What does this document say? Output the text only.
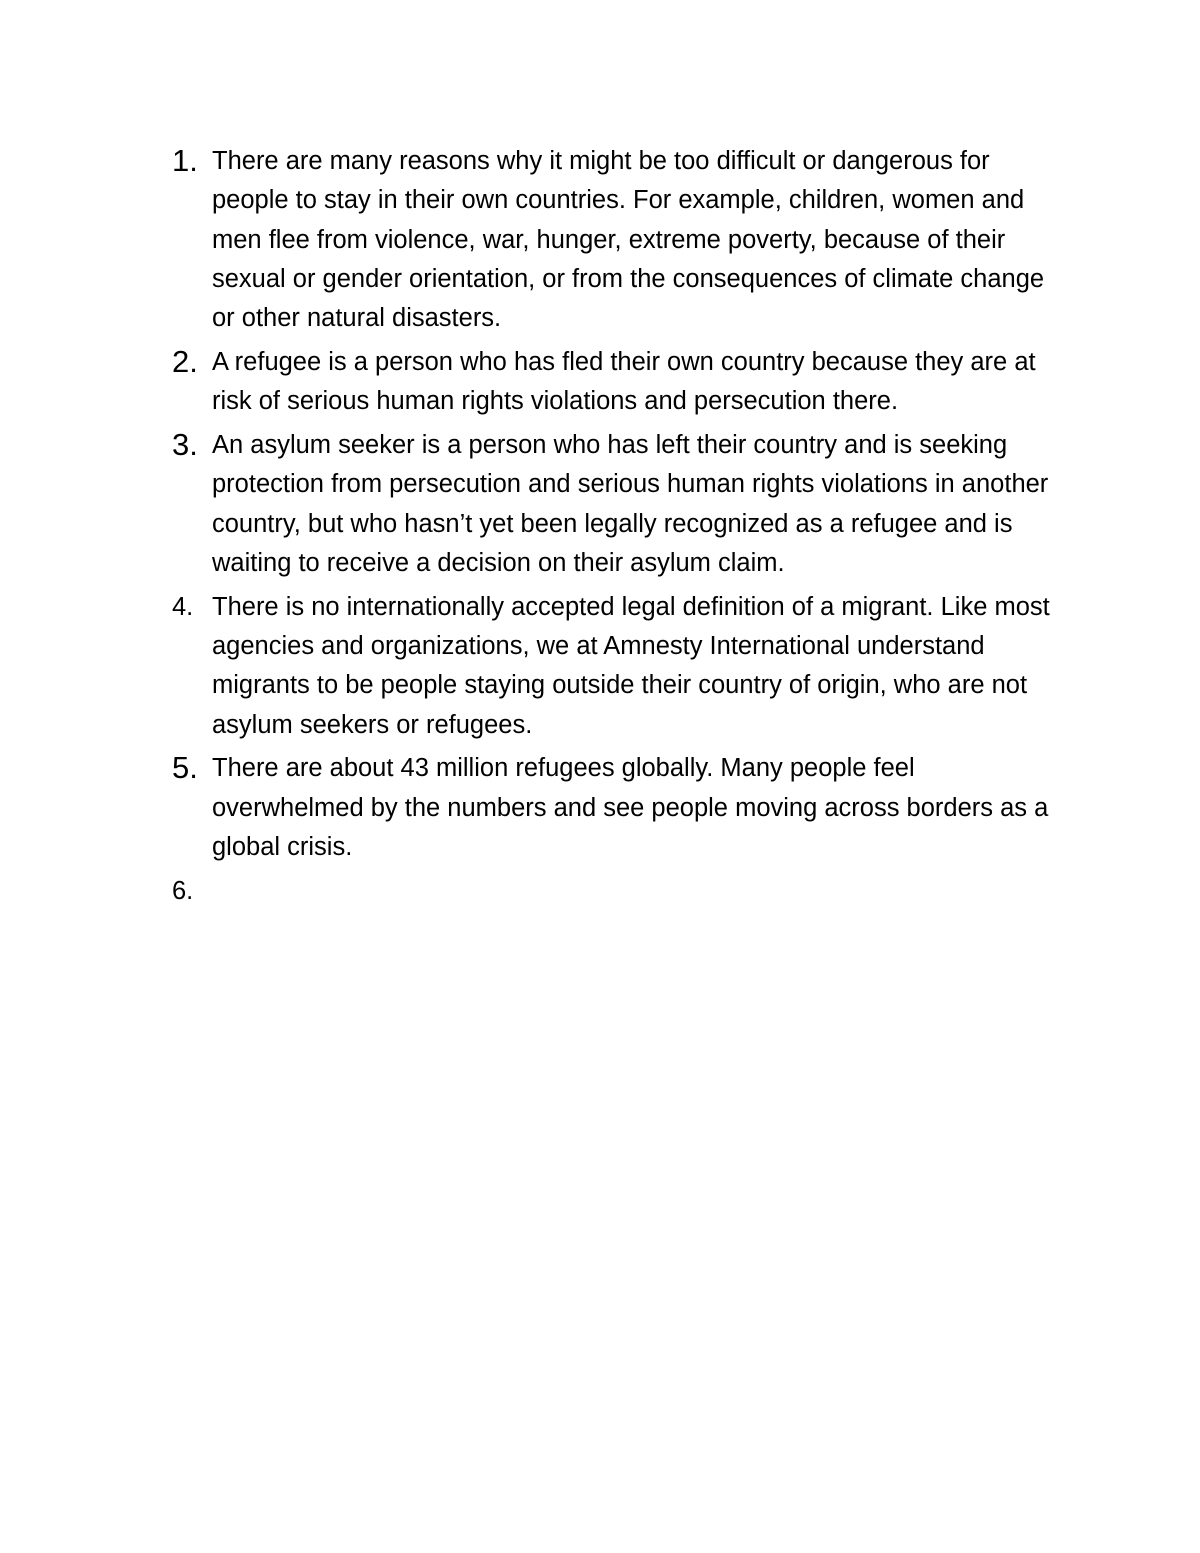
1. There are many reasons why it might be too difficult or dangerous for people to stay in their own countries. For example, children, women and men flee from violence, war, hunger, extreme poverty, because of their sexual or gender orientation, or from the consequences of climate change or other natural disasters.
2. A refugee is a person who has fled their own country because they are at risk of serious human rights violations and persecution there.
3. An asylum seeker is a person who has left their country and is seeking protection from persecution and serious human rights violations in another country, but who hasn’t yet been legally recognized as a refugee and is waiting to receive a decision on their asylum claim.
4. There is no internationally accepted legal definition of a migrant. Like most agencies and organizations, we at Amnesty International understand migrants to be people staying outside their country of origin, who are not asylum seekers or refugees.
5. There are about 43 million refugees globally. Many people feel overwhelmed by the numbers and see people moving across borders as a global crisis.
6.
